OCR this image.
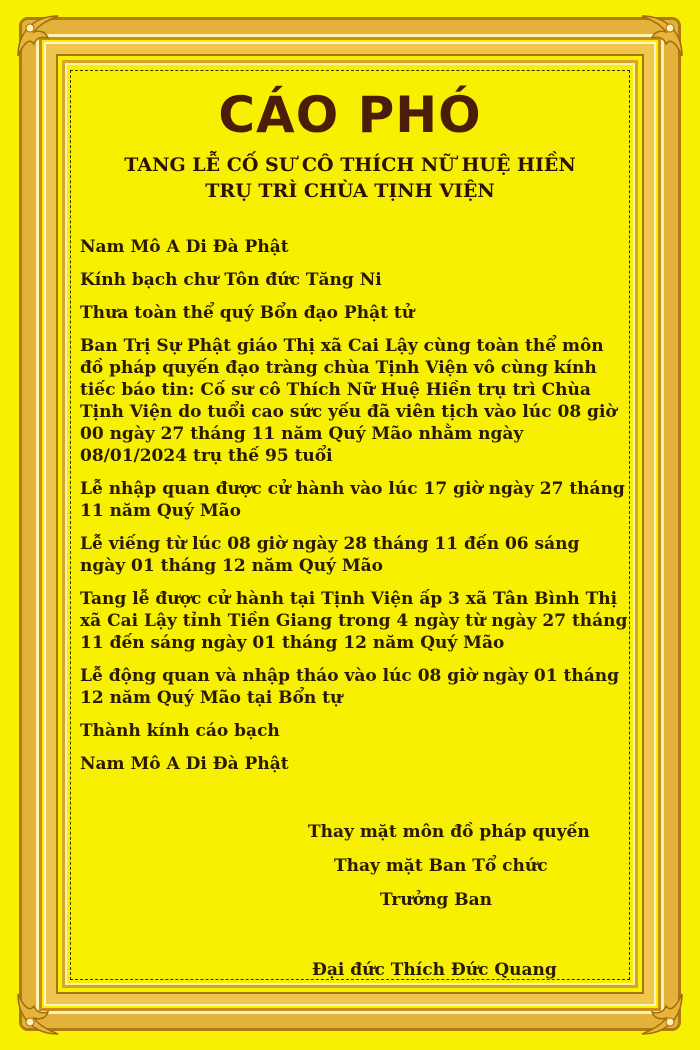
CÁO PHÓ
TANG LỄ CỐ SƯ CÔ THÍCH NỮ HUỆ HIỀN
TRỤ TRÌ CHÙA TỊNH VIỆN

Nam Mô A Di Đà Phật

Kính bạch chư Tôn đức Tăng Ni

Thưa toàn thể quý Bổn đạo Phật tử

Ban Trị Sự Phật giáo Thị xã Cai Lậy cùng toàn thể môn đồ pháp quyến đạo tràng chùa Tịnh Viện vô cùng kính tiếc báo tin: Cố sư cô Thích Nữ Huệ Hiền trụ trì Chùa Tịnh Viện do tuổi cao sức yếu đã viên tịch vào lúc 08 giờ 00 ngày 27 tháng 11 năm Quý Mão nhằm ngày 08/01/2024 trụ thế 95 tuổi

Lễ nhập quan được cử hành vào lúc 17 giờ ngày 27 tháng 11 năm Quý Mão

Lễ viếng từ lúc 08 giờ ngày 28 tháng 11 đến 06 sáng ngày 01 tháng 12 năm Quý Mão

Tang lễ được cử hành tại Tịnh Viện ấp 3 xã Tân Bình Thị xã Cai Lậy tỉnh Tiền Giang trong 4 ngày từ ngày 27 tháng 11 đến sáng ngày 01 tháng 12 năm Quý Mão

Lễ động quan và nhập tháo vào lúc 08 giờ ngày 01 tháng 12 năm Quý Mão tại Bổn tự

Thành kính cáo bạch

Nam Mô A Di Đà Phật

Thay mặt môn đồ pháp quyến
Thay mặt Ban Tổ chức
Trưởng Ban
Đại đức Thích Đức Quang
